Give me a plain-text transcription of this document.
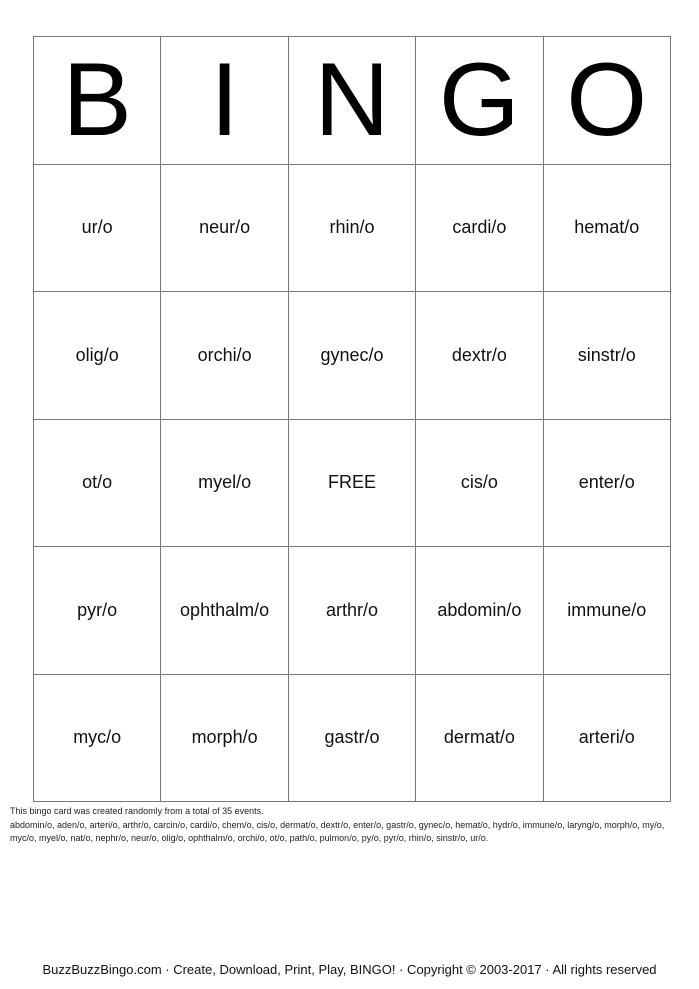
B	I	N	G	O
ur/o	neur/o	rhin/o	cardi/o	hemat/o
olig/o	orchi/o	gynec/o	dextr/o	sinstr/o
ot/o	myel/o	FREE	cis/o	enter/o
pyr/o	ophthalm/o	arthr/o	abdomin/o	immune/o
myc/o	morph/o	gastr/o	dermat/o	arteri/o
This bingo card was created randomly from a total of 35 events.
abdomin/o, aden/o, arteri/o, arthr/o, carcin/o, cardi/o, chem/o, cis/o, dermat/o, dextr/o, enter/o, gastr/o, gynec/o, hemat/o, hydr/o, immune/o, laryng/o, morph/o, my/o, myc/o, myel/o, nat/o, nephr/o, neur/o, olig/o, ophthalm/o, orchi/o, ot/o, path/o, pulmon/o, py/o, pyr/o, rhin/o, sinstr/o, ur/o.
BuzzBuzzBingo.com · Create, Download, Print, Play, BINGO! · Copyright © 2003-2017 · All rights reserved
